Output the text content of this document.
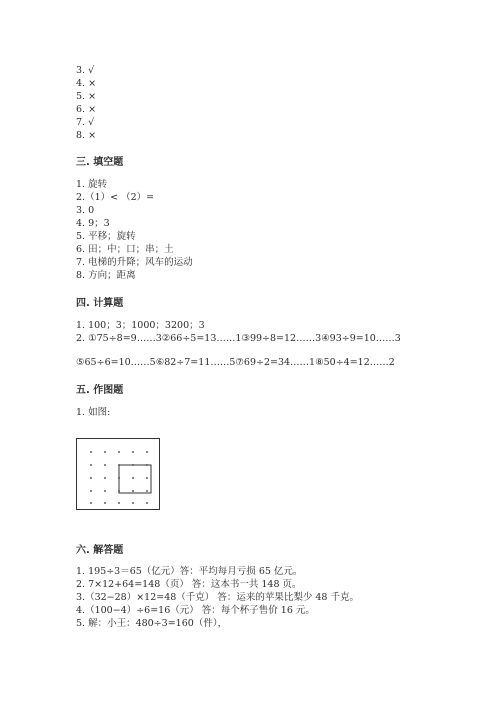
3. √
4. ×
5. ×
6. ×
7. √
8. ×
三. 填空题
1. 旋转
2.（1）< （2）=
3. 0
4. 9；3
5. 平移；旋转
6. 田；中；口；串；土
7. 电梯的升降；风车的运动
8. 方向；距离
四. 计算题
1. 100；3；1000；3200；3
2. ①75÷8=9……3②66÷5=13……1③99÷8=12……3④93÷9=10……3
⑤65÷6=10……5⑥82÷7=11……5⑦69÷2=34……1⑧50÷4=12……2
五. 作图题
1. 如图:
六. 解答题
1. 195÷3＝65（亿元）答：平均每月亏损 65 亿元。
2. 7×12+64=148（页） 答：这本书一共 148 页。
3.（32−28）×12=48（千克） 答：运来的苹果比梨少 48 千克。
4.（100−4）÷6=16（元） 答：每个杯子售价 16 元。
5. 解：小王：480÷3=160（件），
